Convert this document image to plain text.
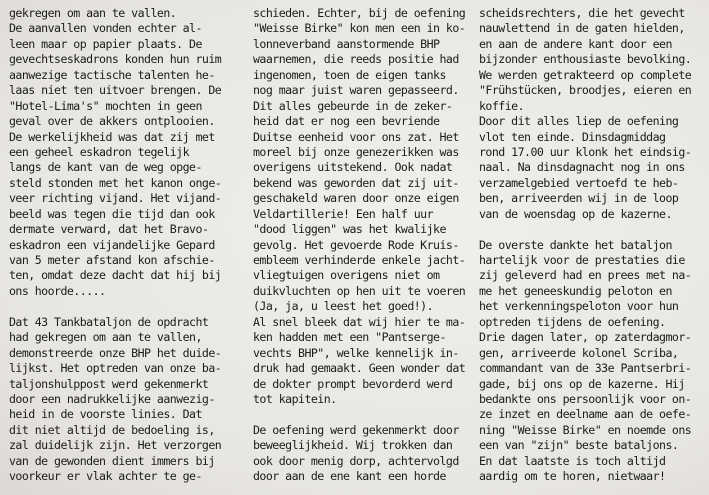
gekregen om aan te vallen.
De aanvallen vonden echter al-
leen maar op papier plaats. De
gevechtseskadrons konden hun ruim
aanwezige tactische talenten he-
laas niet ten uitvoer brengen. De
"Hotel-Lima's" mochten in geen
geval over de akkers ontplooien.
De werkelijkheid was dat zij met
een geheel eskadron tegelijk
langs de kant van de weg opge-
steld stonden met het kanon onge-
veer richting vijand. Het vijand-
beeld was tegen die tijd dan ook
dermate verward, dat het Bravo-
eskadron een vijandelijke Gepard
van 5 meter afstand kon afschie-
ten, omdat deze dacht dat hij bij
ons hoorde.....
Dat 43 Tankbataljon de opdracht
had gekregen om aan te vallen,
demonstreerde onze BHP het duide-
lijkst. Het optreden van onze ba-
taljonshulppost werd gekenmerkt
door een nadrukkelijke aanwezig-
heid in de voorste linies. Dat
dit niet altijd de bedoeling is,
zal duidelijk zijn. Het verzorgen
van de gewonden dient immers bij
voorkeur er vlak achter te ge-
schieden. Echter, bij de oefening
"Weisse Birke" kon men een in ko-
lonneverband aanstormende BHP
waarnemen, die reeds positie had
ingenomen, toen de eigen tanks
nog maar juist waren gepasseerd.
Dit alles gebeurde in de zeker-
heid dat er nog een bevriende
Duitse eenheid voor ons zat. Het
moreel bij onze genezerikken was
overigens uitstekend. Ook nadat
bekend was geworden dat zij uit-
geschakeld waren door onze eigen
Veldartillerie! Een half uur
"dood liggen" was het kwalijke
gevolg. Het gevoerde Rode Kruis-
embleem verhinderde enkele jacht-
vliegtuigen overigens niet om
duikvluchten op hen uit te voeren
(Ja, ja, u leest het goed!).
Al snel bleek dat wij hier te ma-
ken hadden met een "Pantserge-
vechts BHP", welke kennelijk in-
druk had gemaakt. Geen wonder dat
de dokter prompt bevorderd werd
tot kapitein.
De oefening werd gekenmerkt door
beweeglijkheid. Wij trokken dan
ook door menig dorp, achtervolgd
door aan de ene kant een horde
scheidsrechters, die het gevecht
nauwlettend in de gaten hielden,
en aan de andere kant door een
bijzonder enthousiaste bevolking.
We werden getrakteerd op complete
"Frühstücken, broodjes, eieren en
koffie.
Door dit alles liep de oefening
vlot ten einde. Dinsdagmiddag
rond 17.00 uur klonk het eindsig-
naal. Na dinsdagnacht nog in ons
verzamelgebied vertoefd te heb-
ben, arriveerden wij in de loop
van de woensdag op de kazerne.
De overste dankte het bataljon
hartelijk voor de prestaties die
zij geleverd had en prees met na-
me het geneeskundig peloton en
het verkenningspeloton voor hun
optreden tijdens de oefening.
Drie dagen later, op zaterdagmor-
gen, arriveerde kolonel Scriba,
commandant van de 33e Pantserbri-
gade, bij ons op de kazerne. Hij
bedankte ons persoonlijk voor on-
ze inzet en deelname aan de oefe-
ning "Weisse Birke" en noemde ons
een van "zijn" beste bataljons.
En dat laatste is toch altijd
aardig om te horen, nietwaar!
